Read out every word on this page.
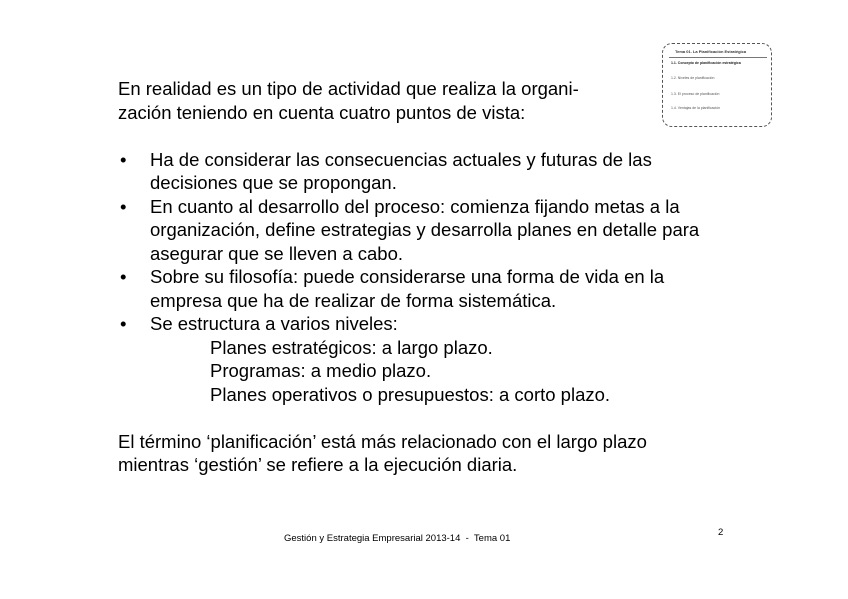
Tema 01. La Planificación Estratégica
1.1. Concepto de planificación estratégica
1.2. Niveles de planificación
1.3. El proceso de planificación
1.4. Ventajas de la planificación

En realidad es un tipo de actividad que realiza la organi-
zación teniendo en cuenta cuatro puntos de vista:

• Ha de considerar las consecuencias actuales y futuras de las
decisiones que se propongan.
• En cuanto al desarrollo del proceso: comienza fijando metas a la
organización, define estrategias y desarrolla planes en detalle para
asegurar que se lleven a cabo.
• Sobre su filosofía: puede considerarse una forma de vida en la
empresa que ha de realizar de forma sistemática.
• Se estructura a varios niveles:
Planes estratégicos: a largo plazo.
Programas: a medio plazo.
Planes operativos o presupuestos: a corto plazo.

El término ‘planificación’ está más relacionado con el largo plazo
mientras ‘gestión’ se refiere a la ejecución diaria.

Gestión y Estrategia Empresarial 2013-14  -  Tema 01
2
